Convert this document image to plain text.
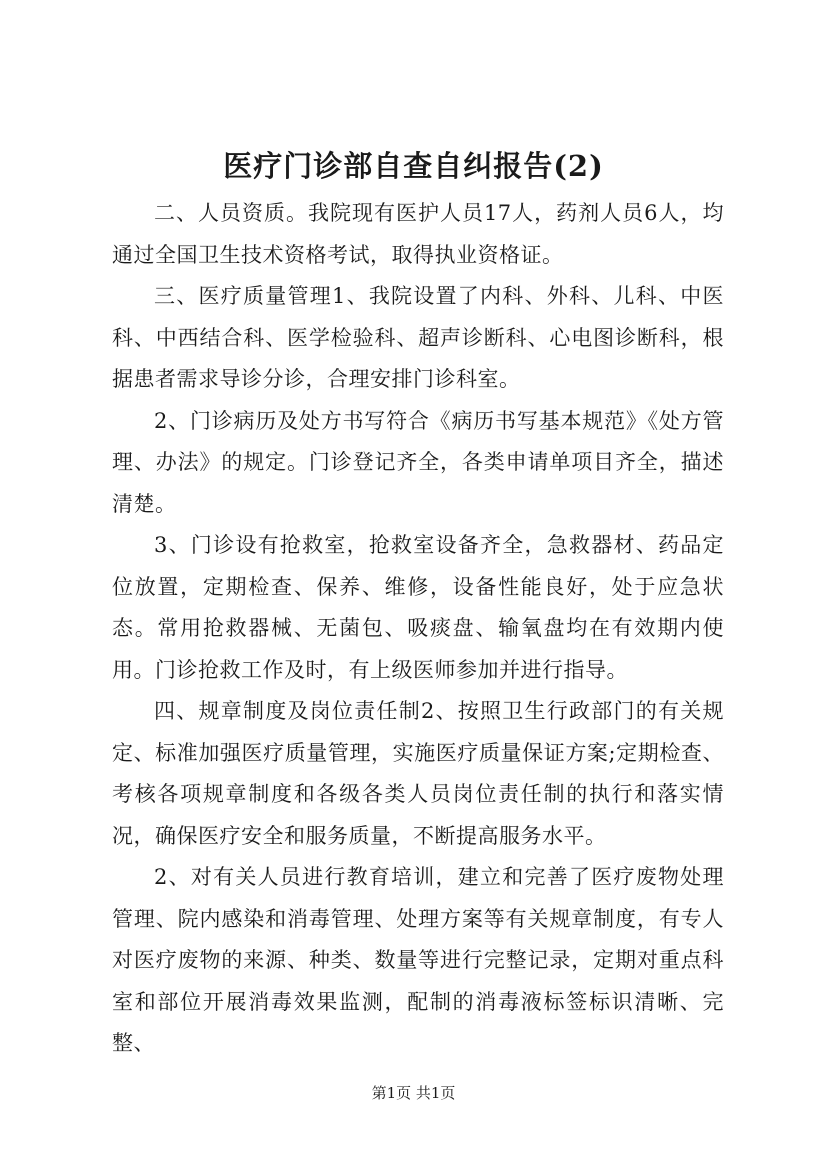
医疗门诊部自查自纠报告(2)

二、人员资质。我院现有医护人员17人，药剂人员6人，均通过全国卫生技术资格考试，取得执业资格证。

三、医疗质量管理1、我院设置了内科、外科、儿科、中医科、中西结合科、医学检验科、超声诊断科、心电图诊断科，根据患者需求导诊分诊，合理安排门诊科室。

2、门诊病历及处方书写符合《病历书写基本规范》《处方管理、办法》的规定。门诊登记齐全，各类申请单项目齐全，描述清楚。

3、门诊设有抢救室，抢救室设备齐全，急救器材、药品定位放置，定期检查、保养、维修，设备性能良好，处于应急状态。常用抢救器械、无菌包、吸痰盘、输氧盘均在有效期内使用。门诊抢救工作及时，有上级医师参加并进行指导。

四、规章制度及岗位责任制2、按照卫生行政部门的有关规定、标准加强医疗质量管理，实施医疗质量保证方案;定期检查、考核各项规章制度和各级各类人员岗位责任制的执行和落实情况，确保医疗安全和服务质量，不断提高服务水平。

2、对有关人员进行教育培训，建立和完善了医疗废物处理管理、院内感染和消毒管理、处理方案等有关规章制度，有专人对医疗废物的来源、种类、数量等进行完整记录，定期对重点科室和部位开展消毒效果监测，配制的消毒液标签标识清晰、完整、

第1页 共1页
